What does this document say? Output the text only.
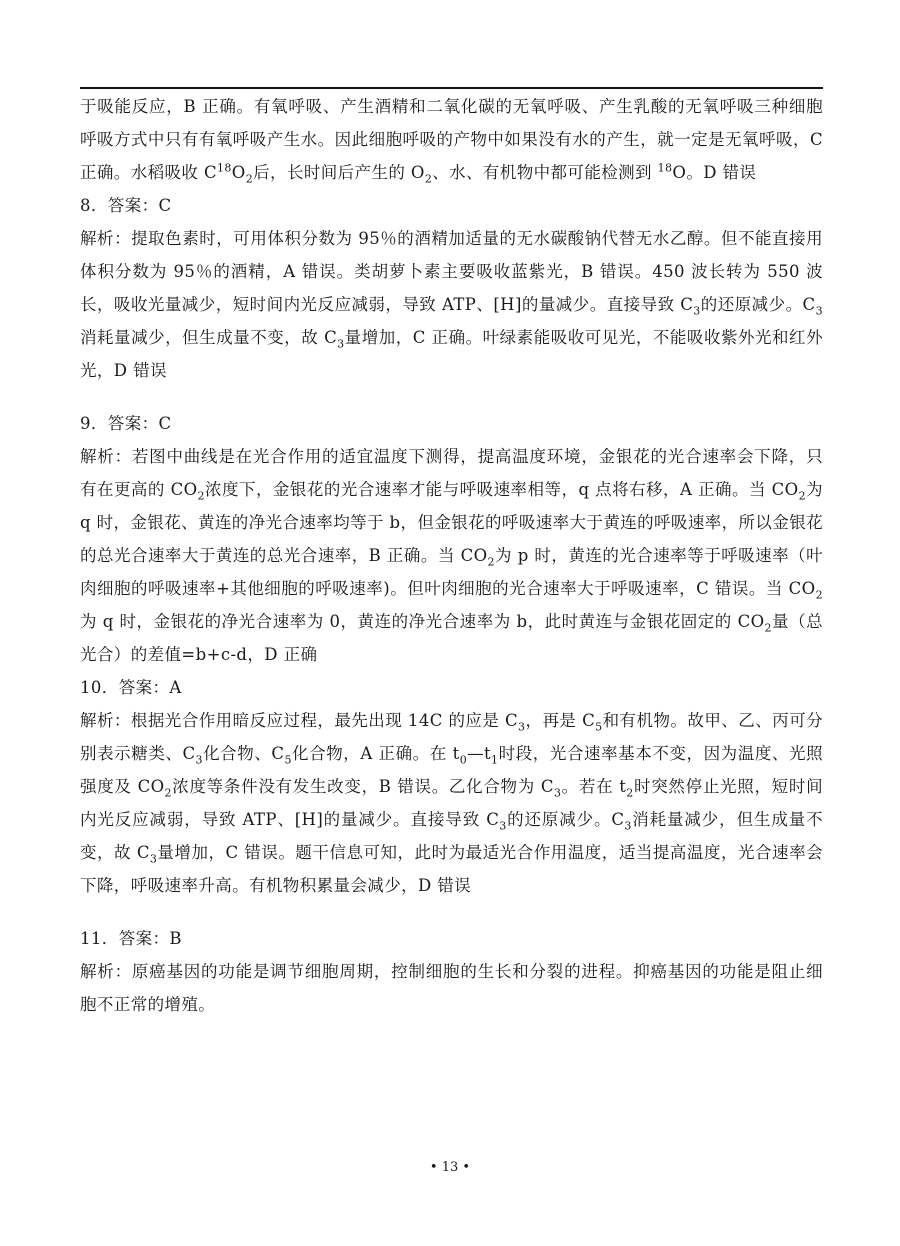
于吸能反应，B 正确。有氧呼吸、产生酒精和二氧化碳的无氧呼吸、产生乳酸的无氧呼吸三种细胞呼吸方式中只有有氧呼吸产生水。因此细胞呼吸的产物中如果没有水的产生，就一定是无氧呼吸，C 正确。水稻吸收 $C^{18}O_2$后，长时间后产生的 $O_2$、水、有机物中都可能检测到 $^{18}$O。D 错误

8．答案：C

解析：提取色素时，可用体积分数为 95％的酒精加适量的无水碳酸钠代替无水乙醇。但不能直接用体积分数为 95％的酒精，A 错误。类胡萝卜素主要吸收蓝紫光，B 错误。450 波长转为 550 波长，吸收光量减少，短时间内光反应减弱，导致 ATP、[H]的量减少。直接导致 $C_3$的还原减少。$C_3$消耗量减少，但生成量不变，故 $C_3$量增加，C 正确。叶绿素能吸收可见光，不能吸收紫外光和红外光，D 错误

9．答案：C

解析：若图中曲线是在光合作用的适宜温度下测得，提高温度环境，金银花的光合速率会下降，只有在更高的 $CO_2$浓度下，金银花的光合速率才能与呼吸速率相等，q 点将右移，A 正确。当 $CO_2$为 q 时，金银花、黄连的净光合速率均等于 b，但金银花的呼吸速率大于黄连的呼吸速率，所以金银花的总光合速率大于黄连的总光合速率，B 正确。当 $CO_2$为 p 时，黄连的光合速率等于呼吸速率（叶肉细胞的呼吸速率+其他细胞的呼吸速率)。但叶肉细胞的光合速率大于呼吸速率，C 错误。当 $CO_2$为 q 时，金银花的净光合速率为 0，黄连的净光合速率为 b，此时黄连与金银花固定的 $CO_2$量（总光合）的差值=b+c-d，D 正确

10．答案：A

解析：根据光合作用暗反应过程，最先出现 14C 的应是 $C_3$，再是 $C_5$和有机物。故甲、乙、丙可分别表示糖类、$C_3$化合物、$C_5$化合物，A 正确。在 $t_0—t_1$时段，光合速率基本不变，因为温度、光照强度及 $CO_2$浓度等条件没有发生改变，B 错误。乙化合物为 $C_3$。若在 $t_2$时突然停止光照，短时间内光反应减弱，导致 ATP、[H]的量减少。直接导致 $C_3$的还原减少。$C_3$消耗量减少，但生成量不变，故 $C_3$量增加，C 错误。题干信息可知，此时为最适光合作用温度，适当提高温度，光合速率会下降，呼吸速率升高。有机物积累量会减少，D 错误

11．答案：B

解析：原癌基因的功能是调节细胞周期，控制细胞的生长和分裂的进程。抑癌基因的功能是阻止细胞不正常的增殖。

• 13 •
